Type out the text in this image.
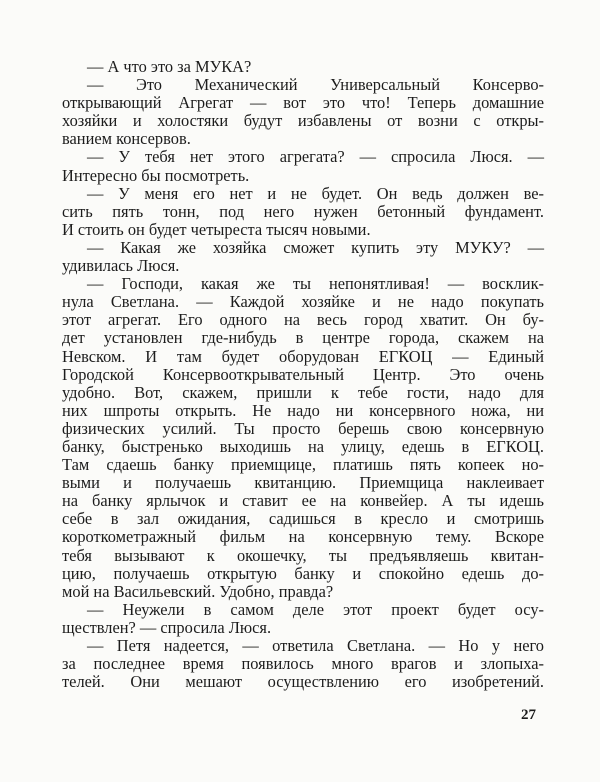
— А что это за МУКА?
— Это Механический Универсальный Консерво-
открывающий Агрегат — вот это что! Теперь домашние
хозяйки и холостяки будут избавлены от возни с откры-
ванием консервов.
— У тебя нет этого агрегата? — спросила Люся. —
Интересно бы посмотреть.
— У меня его нет и не будет. Он ведь должен ве-
сить пять тонн, под него нужен бетонный фундамент.
И стоить он будет четыреста тысяч новыми.
— Какая же хозяйка сможет купить эту МУКУ? —
удивилась Люся.
— Господи, какая же ты непонятливая! — восклик-
нула Светлана. — Каждой хозяйке и не надо покупать
этот агрегат. Его одного на весь город хватит. Он бу-
дет установлен где-нибудь в центре города, скажем на
Невском. И там будет оборудован ЕГКОЦ — Единый
Городской Консервооткрывательный Центр. Это очень
удобно. Вот, скажем, пришли к тебе гости, надо для
них шпроты открыть. Не надо ни консервного ножа, ни
физических усилий. Ты просто берешь свою консервную
банку, быстренько выходишь на улицу, едешь в ЕГКОЦ.
Там сдаешь банку приемщице, платишь пять копеек но-
выми и получаешь квитанцию. Приемщица наклеивает
на банку ярлычок и ставит ее на конвейер. А ты идешь
себе в зал ожидания, садишься в кресло и смотришь
короткометражный фильм на консервную тему. Вскоре
тебя вызывают к окошечку, ты предъявляешь квитан-
цию, получаешь открытую банку и спокойно едешь до-
мой на Васильевский. Удобно, правда?
— Неужели в самом деле этот проект будет осу-
ществлен? — спросила Люся.
— Петя надеется, — ответила Светлана. — Но у него
за последнее время появилось много врагов и злопыха-
телей. Они мешают осуществлению его изобретений.
27
